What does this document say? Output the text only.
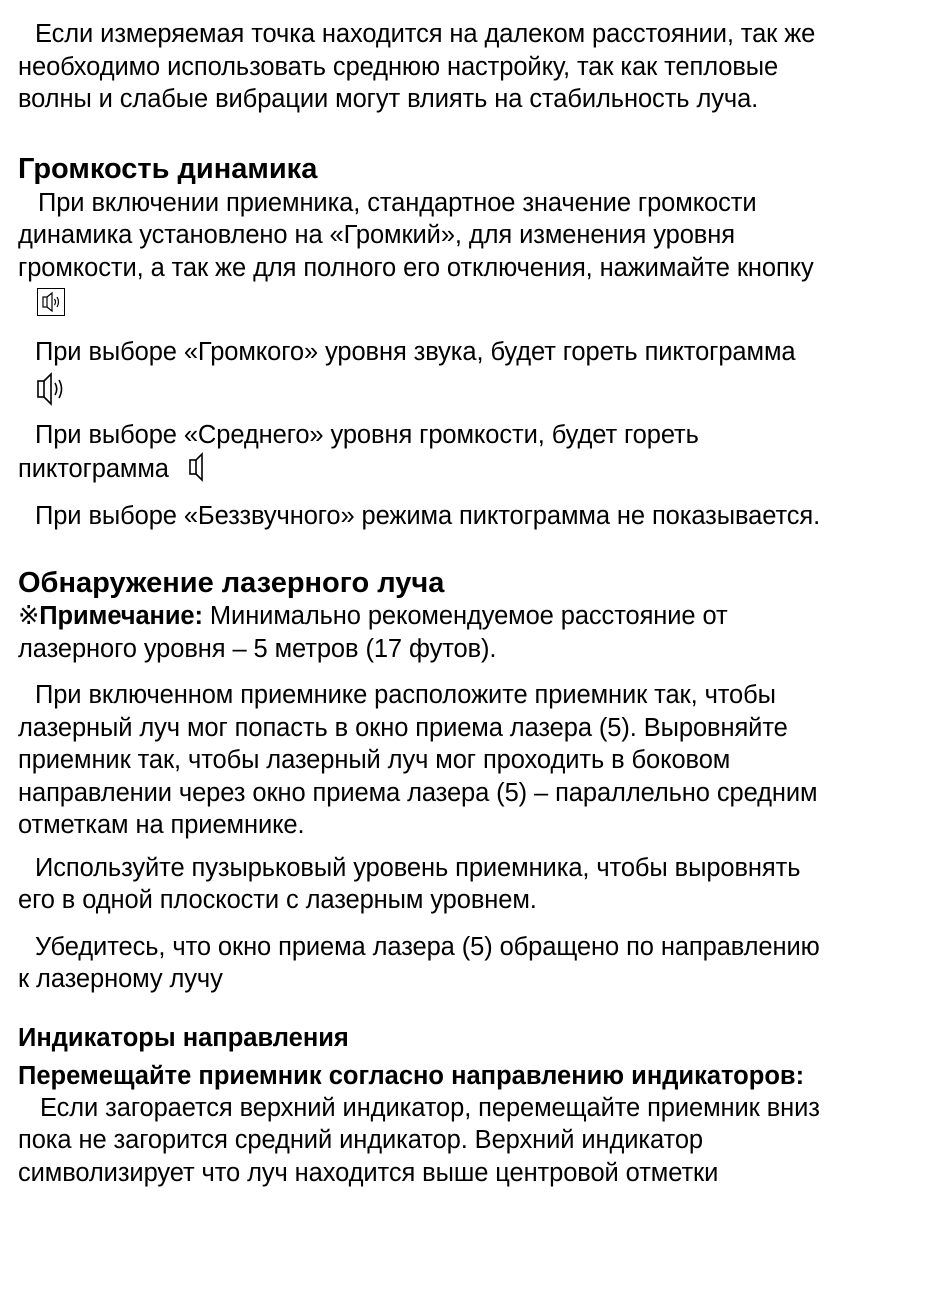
Если измеряемая точка находится на далеком расстоянии, так же
необходимо использовать среднюю настройку, так как тепловые
волны и слабые вибрации могут влиять на стабильность луча.

Громкость динамика

При включении приемника, стандартное значение громкости
динамика установлено на «Громкий», для изменения уровня
громкости, а так же для полного его отключения, нажимайте кнопку

При выборе «Громкого» уровня звука, будет гореть пиктограмма

При выборе «Среднего» уровня громкости, будет гореть
пиктограмма

При выборе «Беззвучного» режима пиктограмма не показывается.

Обнаружение лазерного луча

※Примечание: Минимально рекомендуемое расстояние от
лазерного уровня – 5 метров (17 футов).

При включенном приемнике расположите приемник так, чтобы
лазерный луч мог попасть в окно приема лазера (5). Выровняйте
приемник так, чтобы лазерный луч мог проходить в боковом
направлении через окно приема лазера (5) – параллельно средним
отметкам на приемнике.

Используйте пузырьковый уровень приемника, чтобы выровнять
его в одной плоскости с лазерным уровнем.

Убедитесь, что окно приема лазера (5) обращено по направлению
к лазерному лучу

Индикаторы направления
Перемещайте приемник согласно направлению индикаторов:

Если загорается верхний индикатор, перемещайте приемник вниз
пока не загорится средний индикатор. Верхний индикатор
символизирует что луч находится выше центровой отметки
